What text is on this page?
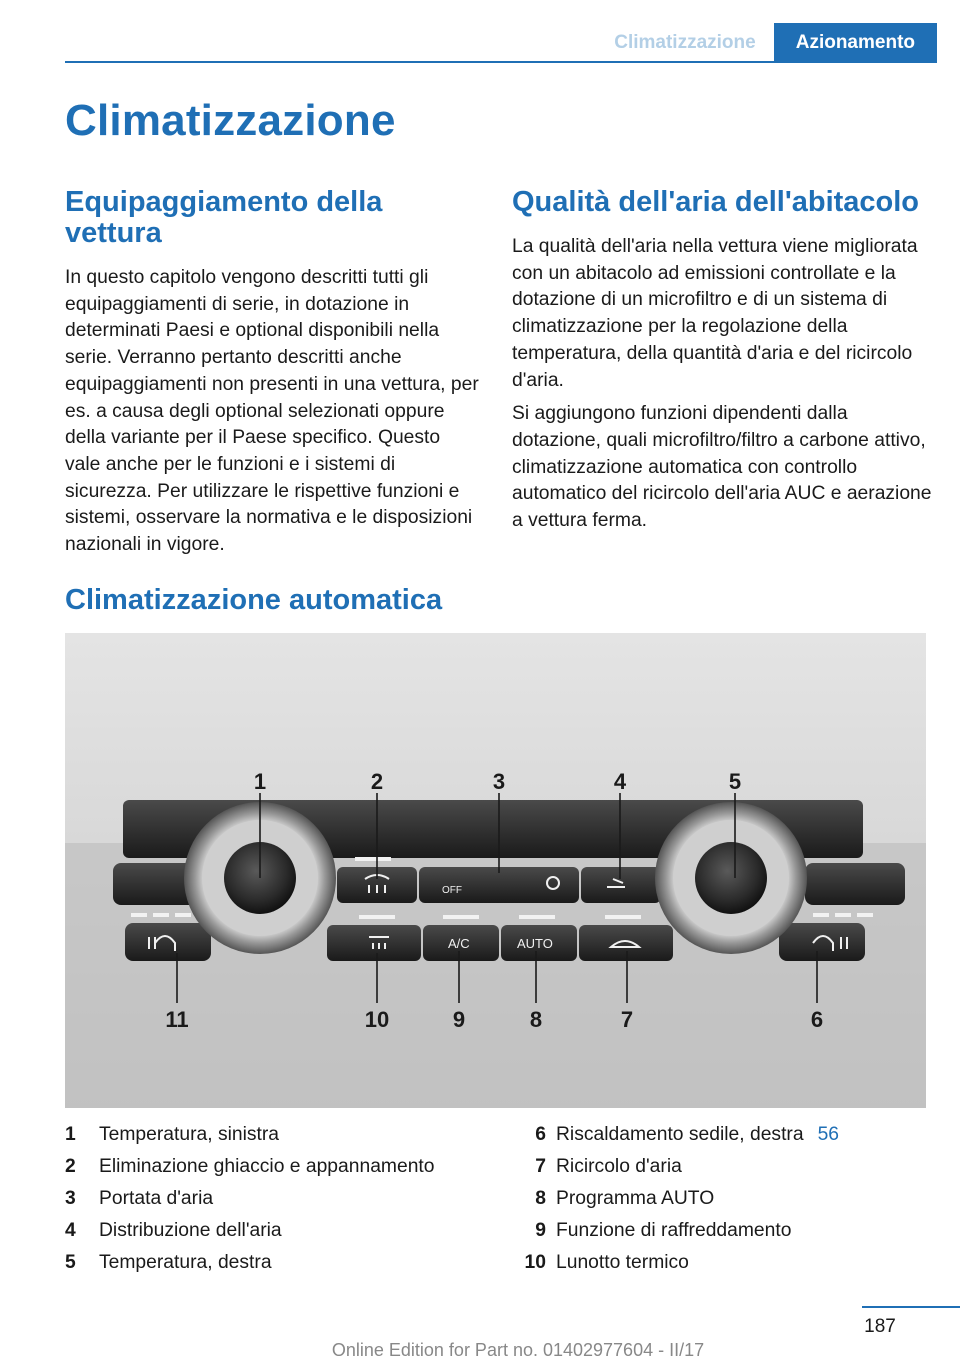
Climatizzazione	Azionamento
Climatizzazione
Equipaggiamento della vettura

In questo capitolo vengono descritti tutti gli equipaggiamenti di serie, in dotazione in determinati Paesi e optional disponibili nella serie. Verranno pertanto descritti anche equipaggiamenti non presenti in una vettura, per es. a causa degli optional selezionati oppure della variante per il Paese specifico. Questo vale anche per le funzioni e i sistemi di sicurezza. Per utilizzare le rispettive funzioni e sistemi, osservare la normativa e le disposizioni nazionali in vigore.

Qualità dell'aria dell'abitacolo

La qualità dell'aria nella vettura viene migliorata con un abitacolo ad emissioni controllate e la dotazione di un microfiltro e di un sistema di climatizzazione per la regolazione della temperatura, della quantità d'aria e del ricircolo d'aria.

Si aggiungono funzioni dipendenti dalla dotazione, quali microfiltro/filtro a carbone attivo, climatizzazione automatica con controllo automatico del ricircolo dell'aria AUC e aerazione a vettura ferma.

Climatizzazione automatica
OFF
A/C	AUTO
1	2	3	4	5
11	10	9	8	7	6
1	Temperatura, sinistra
2	Eliminazione ghiaccio e appannamento
3	Portata d'aria
4	Distribuzione dell'aria
5	Temperatura, destra
6 Riscaldamento sedile, destra 56
7 Ricircolo d'aria
8 Programma AUTO
9 Funzione di raffreddamento
10 Lunotto termico
187
Online Edition for Part no. 01402977604 - II/17
